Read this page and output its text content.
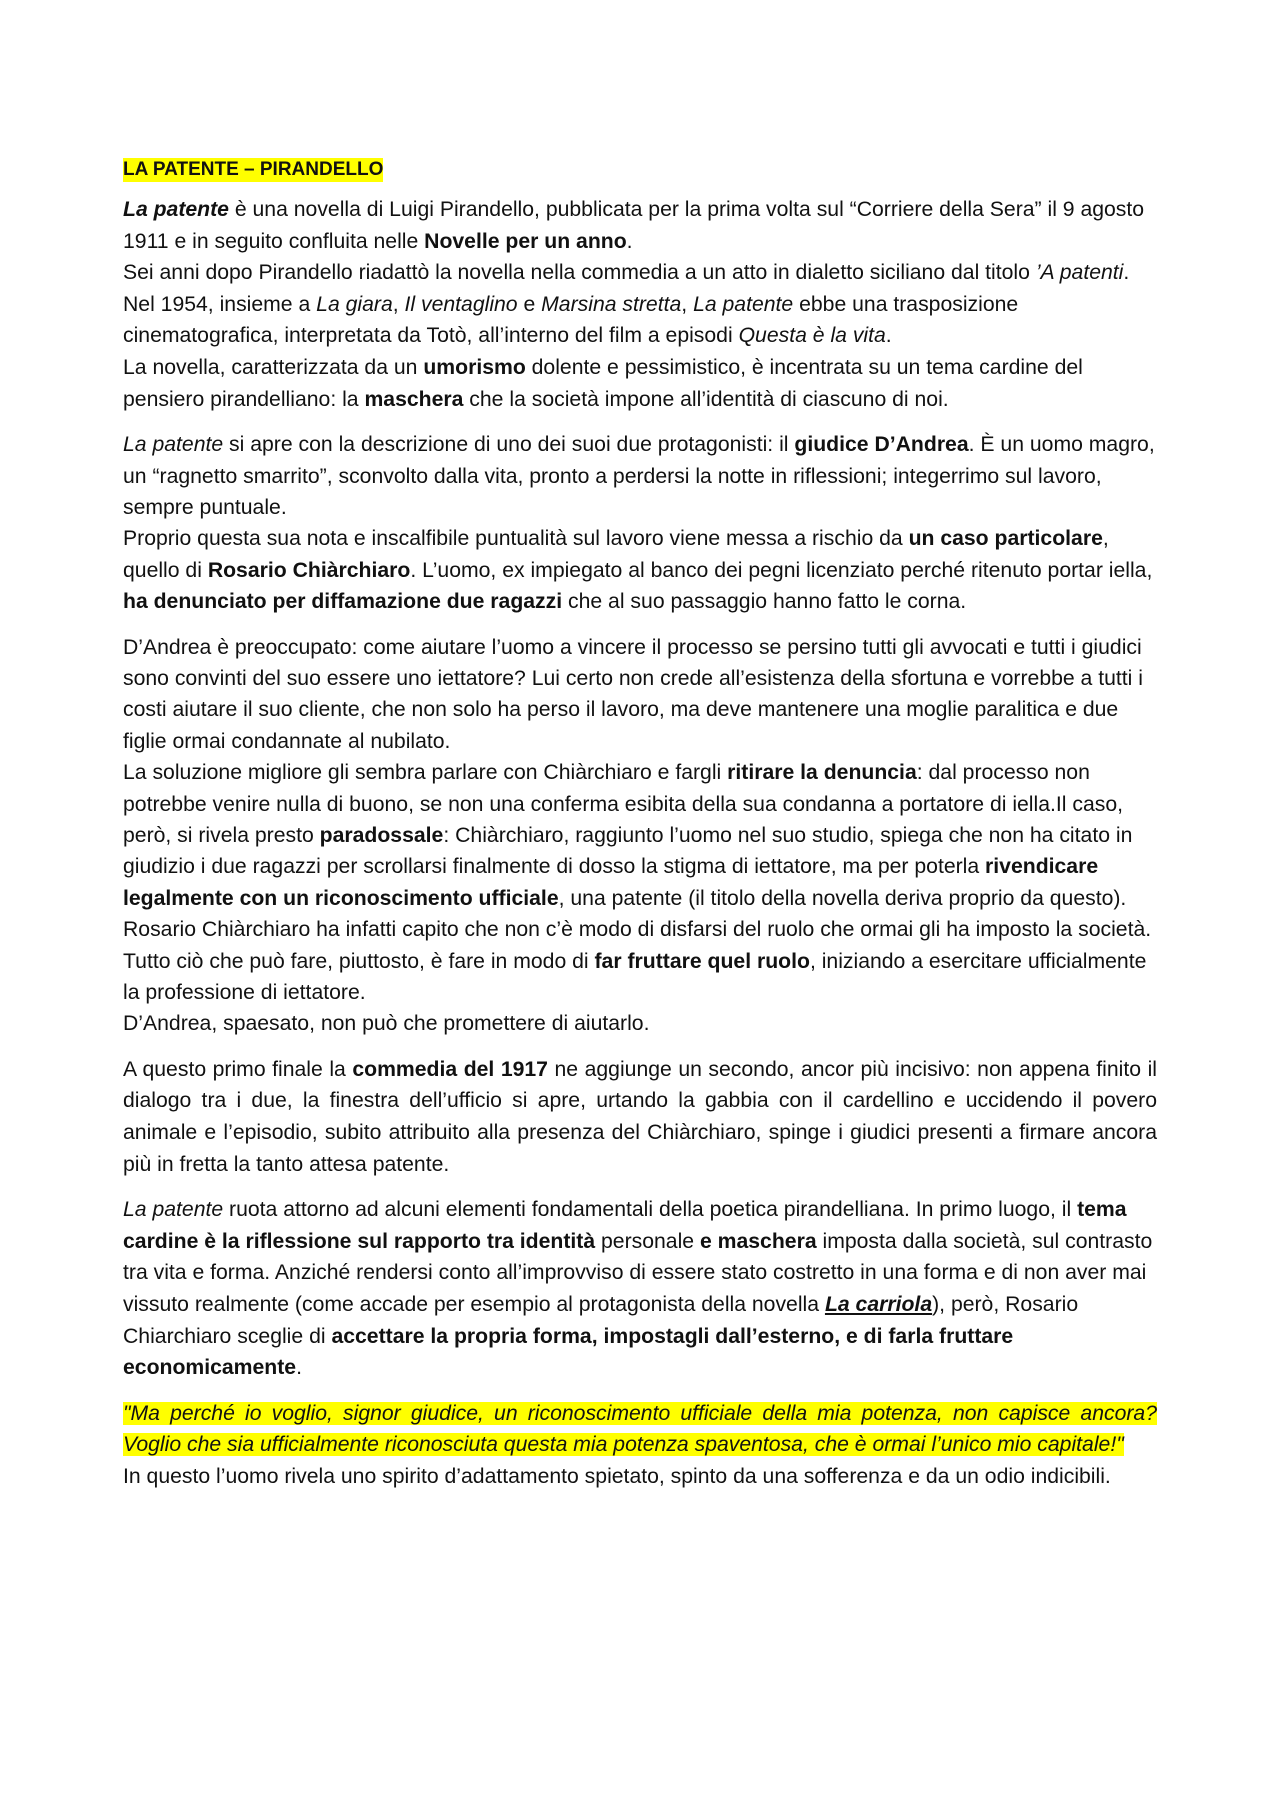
LA PATENTE – PIRANDELLO

La patente è una novella di Luigi Pirandello, pubblicata per la prima volta sul “Corriere della Sera” il 9 agosto 1911 e in seguito confluita nelle Novelle per un anno.

Sei anni dopo Pirandello riadattò la novella nella commedia a un atto in dialetto siciliano dal titolo ’A patenti. Nel 1954, insieme a La giara, Il ventaglino e Marsina stretta, La patente ebbe una trasposizione cinematografica, interpretata da Totò, all’interno del film a episodi Questa è la vita.

La novella, caratterizzata da un umorismo dolente e pessimistico, è incentrata su un tema cardine del pensiero pirandelliano: la maschera che la società impone all’identità di ciascuno di noi.

La patente si apre con la descrizione di uno dei suoi due protagonisti: il giudice D’Andrea. È un uomo magro, un “ragnetto smarrito”, sconvolto dalla vita, pronto a perdersi la notte in riflessioni; integerrimo sul lavoro, sempre puntuale.

Proprio questa sua nota e inscalfibile puntualità sul lavoro viene messa a rischio da un caso particolare, quello di Rosario Chiàrchiaro. L’uomo, ex impiegato al banco dei pegni licenziato perché ritenuto portar iella, ha denunciato per diffamazione due ragazzi che al suo passaggio hanno fatto le corna.

D’Andrea è preoccupato: come aiutare l’uomo a vincere il processo se persino tutti gli avvocati e tutti i giudici sono convinti del suo essere uno iettatore? Lui certo non crede all’esistenza della sfortuna e vorrebbe a tutti i costi aiutare il suo cliente, che non solo ha perso il lavoro, ma deve mantenere una moglie paralitica e due figlie ormai condannate al nubilato.

La soluzione migliore gli sembra parlare con Chiàrchiaro e fargli ritirare la denuncia: dal processo non potrebbe venire nulla di buono, se non una conferma esibita della sua condanna a portatore di iella.Il caso, però, si rivela presto paradossale: Chiàrchiaro, raggiunto l’uomo nel suo studio, spiega che non ha citato in giudizio i due ragazzi per scrollarsi finalmente di dosso la stigma di iettatore, ma per poterla rivendicare legalmente con un riconoscimento ufficiale, una patente (il titolo della novella deriva proprio da questo).

Rosario Chiàrchiaro ha infatti capito che non c’è modo di disfarsi del ruolo che ormai gli ha imposto la società. Tutto ciò che può fare, piuttosto, è fare in modo di far fruttare quel ruolo, iniziando a esercitare ufficialmente la professione di iettatore.

D’Andrea, spaesato, non può che promettere di aiutarlo.

A questo primo finale la commedia del 1917 ne aggiunge un secondo, ancor più incisivo: non appena finito il dialogo tra i due, la finestra dell’ufficio si apre, urtando la gabbia con il cardellino e uccidendo il povero animale e l’episodio, subito attribuito alla presenza del Chiàrchiaro, spinge i giudici presenti a firmare ancora più in fretta la tanto attesa patente.

La patente ruota attorno ad alcuni elementi fondamentali della poetica pirandelliana. In primo luogo, il tema cardine è la riflessione sul rapporto tra identità personale e maschera imposta dalla società, sul contrasto tra vita e forma. Anziché rendersi conto all’improvviso di essere stato costretto in una forma e di non aver mai vissuto realmente (come accade per esempio al protagonista della novella La carriola), però, Rosario Chiarchiaro sceglie di accettare la propria forma, impostagli dall’esterno, e di farla fruttare economicamente.

"Ma perché io voglio, signor giudice, un riconoscimento ufficiale della mia potenza, non capisce ancora? Voglio che sia ufficialmente riconosciuta questa mia potenza spaventosa, che è ormai l’unico mio capitale!"

In questo l’uomo rivela uno spirito d’adattamento spietato, spinto da una sofferenza e da un odio indicibili.
